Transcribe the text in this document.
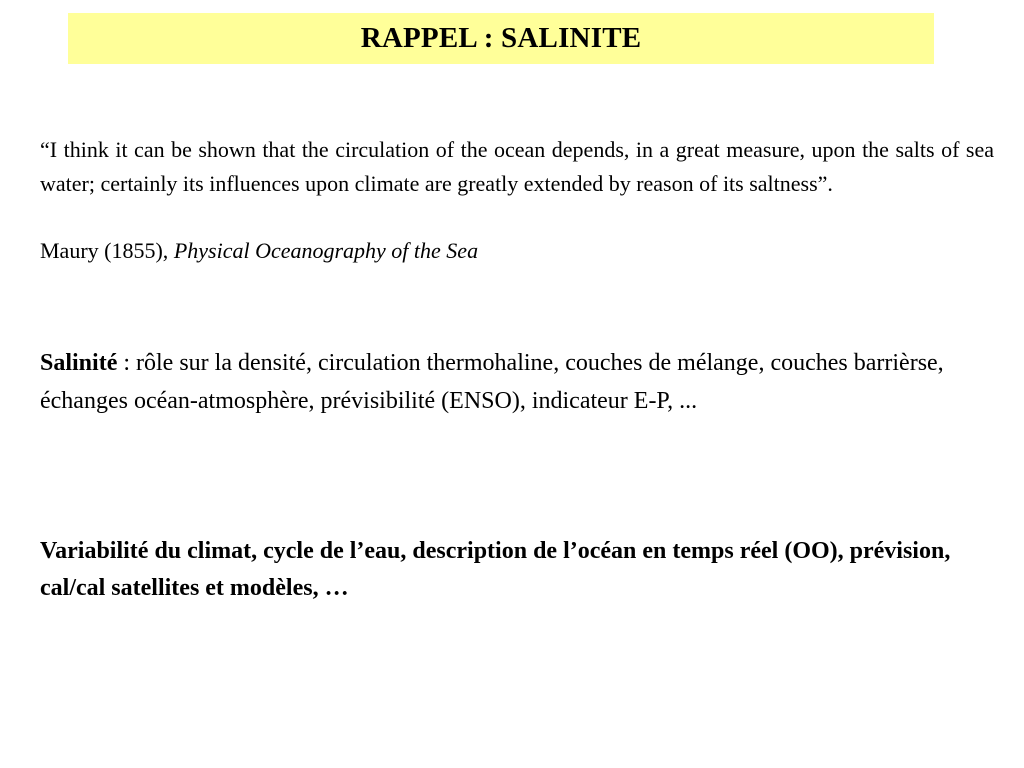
RAPPEL : SALINITE

“I think it can be shown that the circulation of the ocean depends, in a great measure, upon the salts of sea water; certainly its influences upon climate are greatly extended by reason of its saltness”.

Maury (1855), Physical Oceanography of the Sea
Salinité : rôle sur la densité, circulation thermohaline, couches de mélange, couches barrièrse, échanges océan-atmosphère, prévisibilité (ENSO), indicateur E-P, ...
Variabilité du climat, cycle de l’eau, description de l’océan en temps réel (OO), prévision, cal/cal satellites et modèles, …
